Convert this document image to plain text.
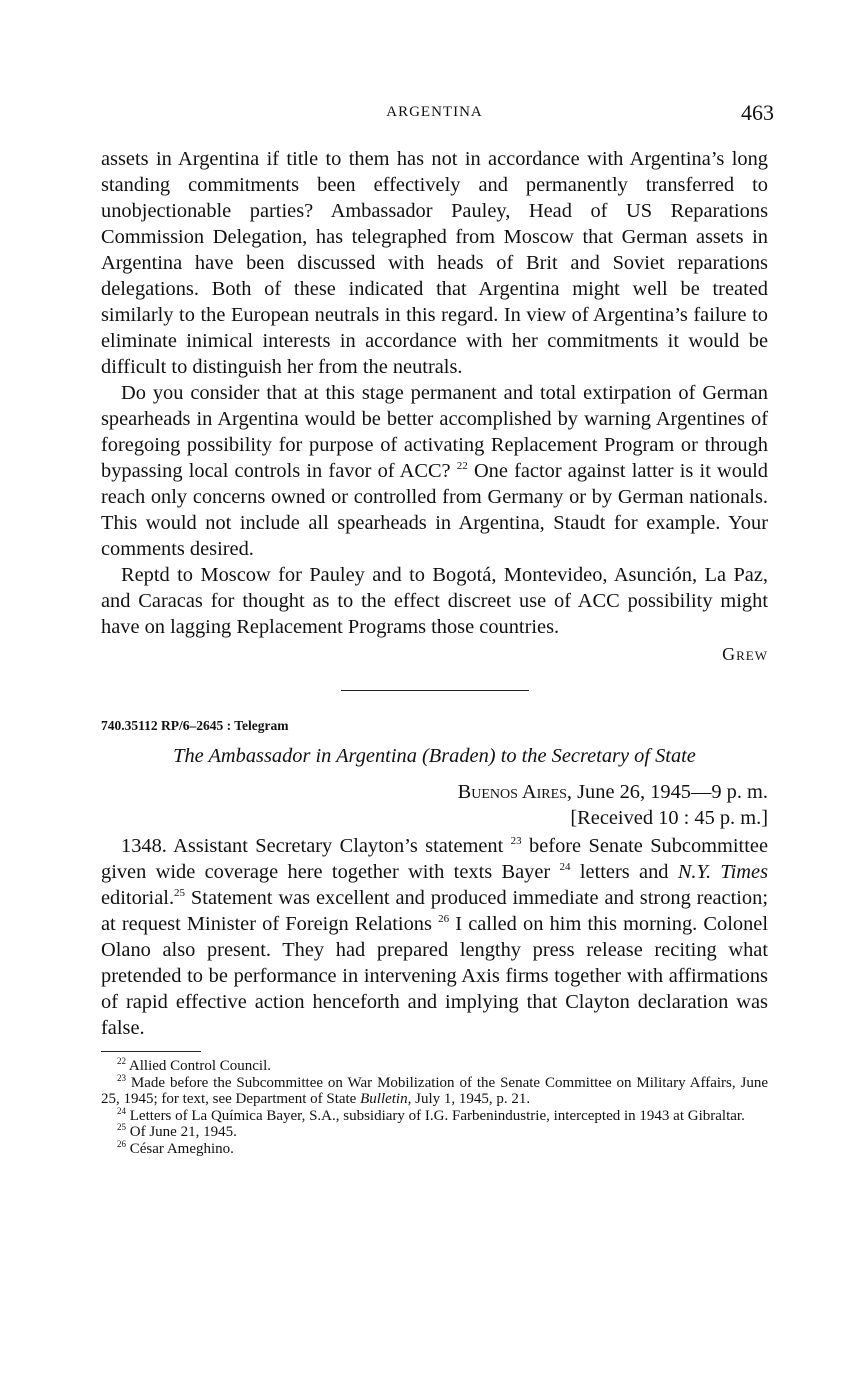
ARGENTINA	463

assets in Argentina if title to them has not in accordance with Argentina’s long standing commitments been effectively and permanently transferred to unobjectionable parties? Ambassador Pauley, Head of US Reparations Commission Delegation, has telegraphed from Moscow that German assets in Argentina have been discussed with heads of Brit and Soviet reparations delegations. Both of these indicated that Argentina might well be treated similarly to the European neutrals in this regard. In view of Argentina’s failure to eliminate inimical interests in accordance with her commitments it would be difficult to distinguish her from the neutrals.

Do you consider that at this stage permanent and total extirpation of German spearheads in Argentina would be better accomplished by warning Argentines of foregoing possibility for purpose of activating Replacement Program or through bypassing local controls in favor of ACC? $^{22}$ One factor against latter is it would reach only concerns owned or controlled from Germany or by German nationals. This would not include all spearheads in Argentina, Staudt for example. Your comments desired.

Reptd to Moscow for Pauley and to Bogotá, Montevideo, Asunción, La Paz, and Caracas for thought as to the effect discreet use of ACC possibility might have on lagging Replacement Programs those countries.

Grew
740.35112 RP/6–2645 : Telegram
The Ambassador in Argentina (Braden) to the Secretary of State
Buenos Aires, June 26, 1945—9 p. m.
[Received 10 : 45 p. m.]

1348. Assistant Secretary Clayton’s statement $^{23}$ before Senate Subcommittee given wide coverage here together with texts Bayer $^{24}$ letters and N.Y. Times editorial.$^{25}$ Statement was excellent and produced immediate and strong reaction; at request Minister of Foreign Relations $^{26}$ I called on him this morning. Colonel Olano also present. They had prepared lengthy press release reciting what pretended to be performance in intervening Axis firms together with affirmations of rapid effective action henceforth and implying that Clayton declaration was false.

$^{22}$ Allied Control Council.

$^{23}$ Made before the Subcommittee on War Mobilization of the Senate Committee on Military Affairs, June 25, 1945; for text, see Department of State Bulletin, July 1, 1945, p. 21.

$^{24}$ Letters of La Química Bayer, S.A., subsidiary of I.G. Farbenindustrie, intercepted in 1943 at Gibraltar.

$^{25}$ Of June 21, 1945.

$^{26}$ César Ameghino.
